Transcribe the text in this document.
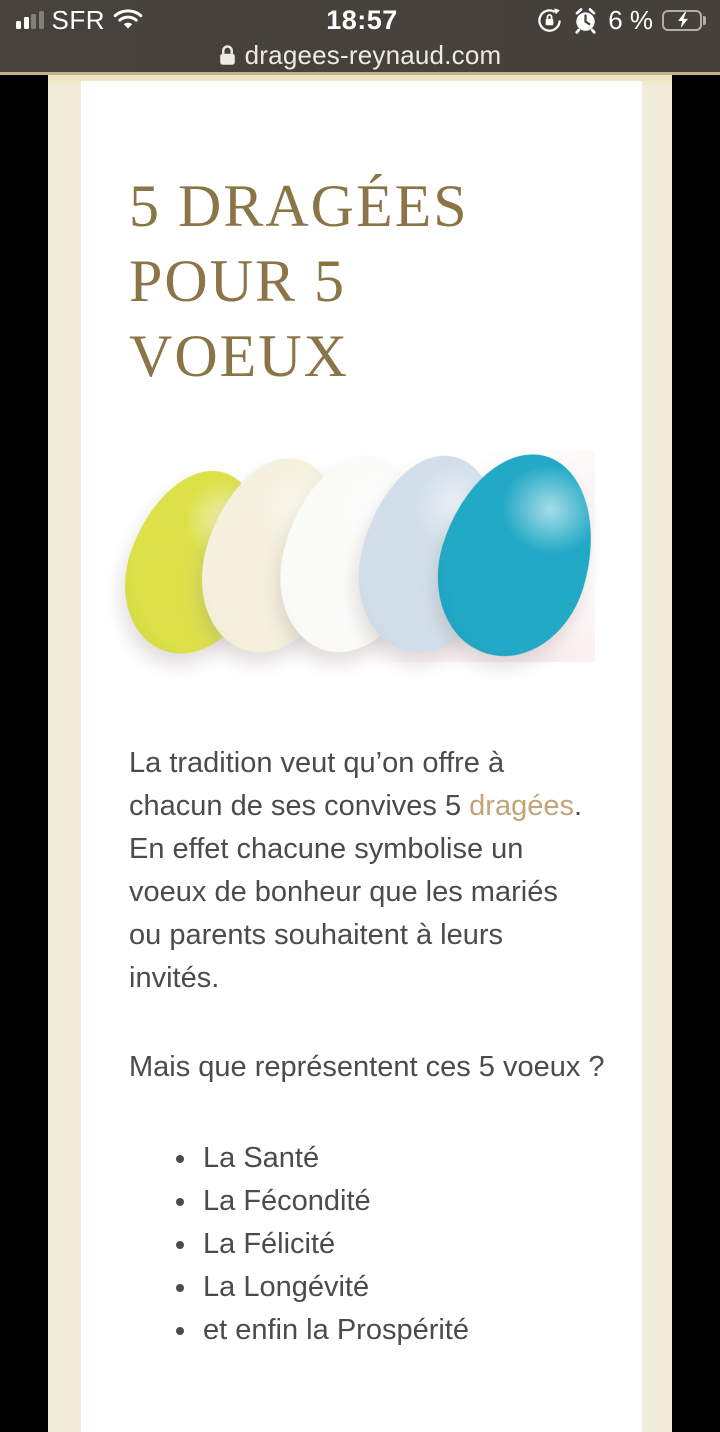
SFR	18:57	6 %
dragees-reynaud.com
5 DRAGÉES
POUR 5
VOEUX

La tradition veut qu’on offre à chacun de ses convives 5 dragées. En effet chacune symbolise un voeux de bonheur que les mariés ou parents souhaitent à leurs invités.

Mais que représentent ces 5 voeux ?

• La Santé
• La Fécondité
• La Félicité
• La Longévité
• et enfin la Prospérité
